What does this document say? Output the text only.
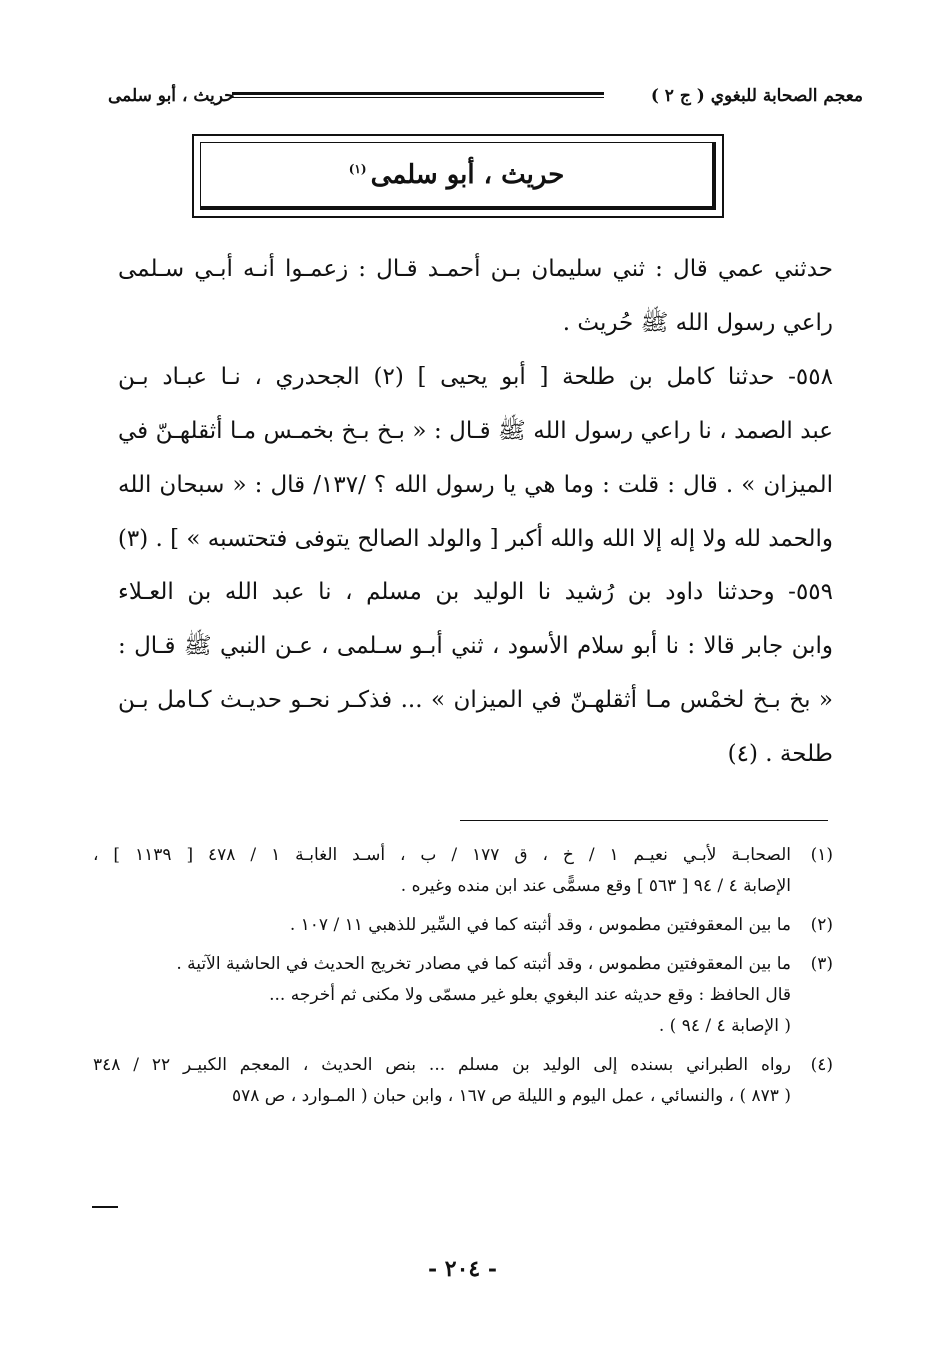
معجم الصحابة للبغوي ( ج ٢ )
حريث ، أبو سلمى
حريث ، أبو سلمى$^{(١)}$
حدثني عمي قال : ثني سليمان بـن أحمـد قـال : زعمـوا أنـه أبـي سـلمى
راعي رسول الله ﷺ حُريث .
٥٥٨- حدثنا كامل بن طلحة [ أبو يحيى ] (٢) الجحدري ، نـا عبـاد بـن
عبد الصمد ، نا راعي رسول الله ﷺ قـال : « بـخ بـخ بخمـس مـا أثقلهـنّ في
الميزان » . قال : قلت : وما هي يا رسول الله ؟ /١٣٧/ قال : « سبحان الله
والحمد لله ولا إله إلا الله والله أكبر [ والولد الصالح يتوفى فتحتسبه » ] . (٣)
٥٥٩- وحدثنا داود بن رُشيد نا الوليد بن مسلم ، نا عبد الله بن العـلاء
وابن جابر قالا : نا أبو سلام الأسود ، ثني أبـو سـلمى ، عـن النبي ﷺ قـال :
« بخ بـخ لخمْس مـا أثقلهـنّ في الميزان » ... فذكـر نحـو حديـث كـامل بـن
طلحة . (٤)
(١)
الصحابـة لأبـي نعيـم ١ / خ ، ق ١٧٧ / ب ، أسـد الغابـة ١ / ٤٧٨ [ ١١٣٩ ] ،
الإصابة ٤ / ٩٤ [ ٥٦٣ ] وقع مسمًّى عند ابن منده وغيره .
(٢)
ما بين المعقوفتين مطموس ، وقد أثبته كما في السِّير للذهبي ١١ / ١٠٧ .
(٣)
ما بين المعقوفتين مطموس ، وقد أثبته كما في مصادر تخريج الحديث في الحاشية الآتية .
قال الحافظ : وقع حديثه عند البغوي بعلو غير مسمّى ولا مكنى ثم أخرجه ...
( الإصابة ٤ / ٩٤ ) .
(٤)
رواه الطبراني بسنده إلى الوليد بن مسلم ... بنص الحديث ، المعجم الكبيـر ٢٢ / ٣٤٨
( ٨٧٣ ) ، والنسائي ، عمل اليوم و الليلة ص ١٦٧ ، وابن حبان ( المـوارد ، ص ٥٧٨
- ٢٠٤ -
